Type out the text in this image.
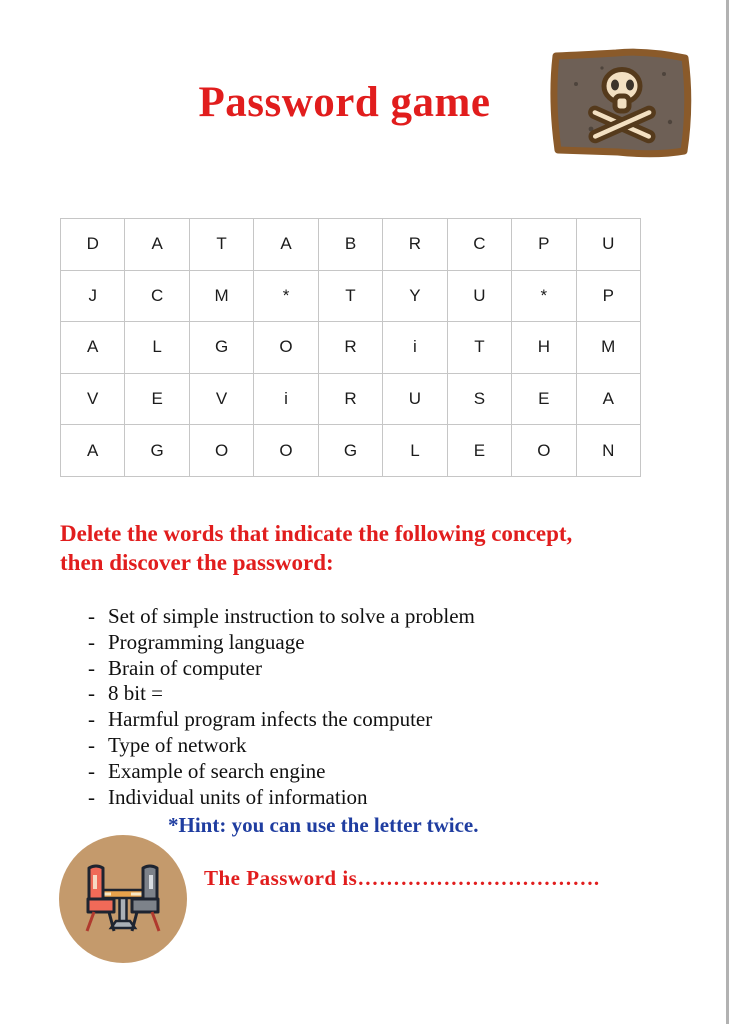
Password game
D	A	T	A	B	R	C	P	U
J	C	M	*	T	Y	U	*	P
A	L	G	O	R	i	T	H	M
V	E	V	i	R	U	S	E	A
A	G	O	O	G	L	E	O	N
Delete the words that indicate the following concept,
then discover the password:
- Set of simple instruction to solve a problem
- Programming language
- Brain of computer
- 8 bit =
- Harmful program infects the computer
- Type of network
- Example of search engine
- Individual units of information
*Hint: you can use the letter twice.
The Password is…………………………….
